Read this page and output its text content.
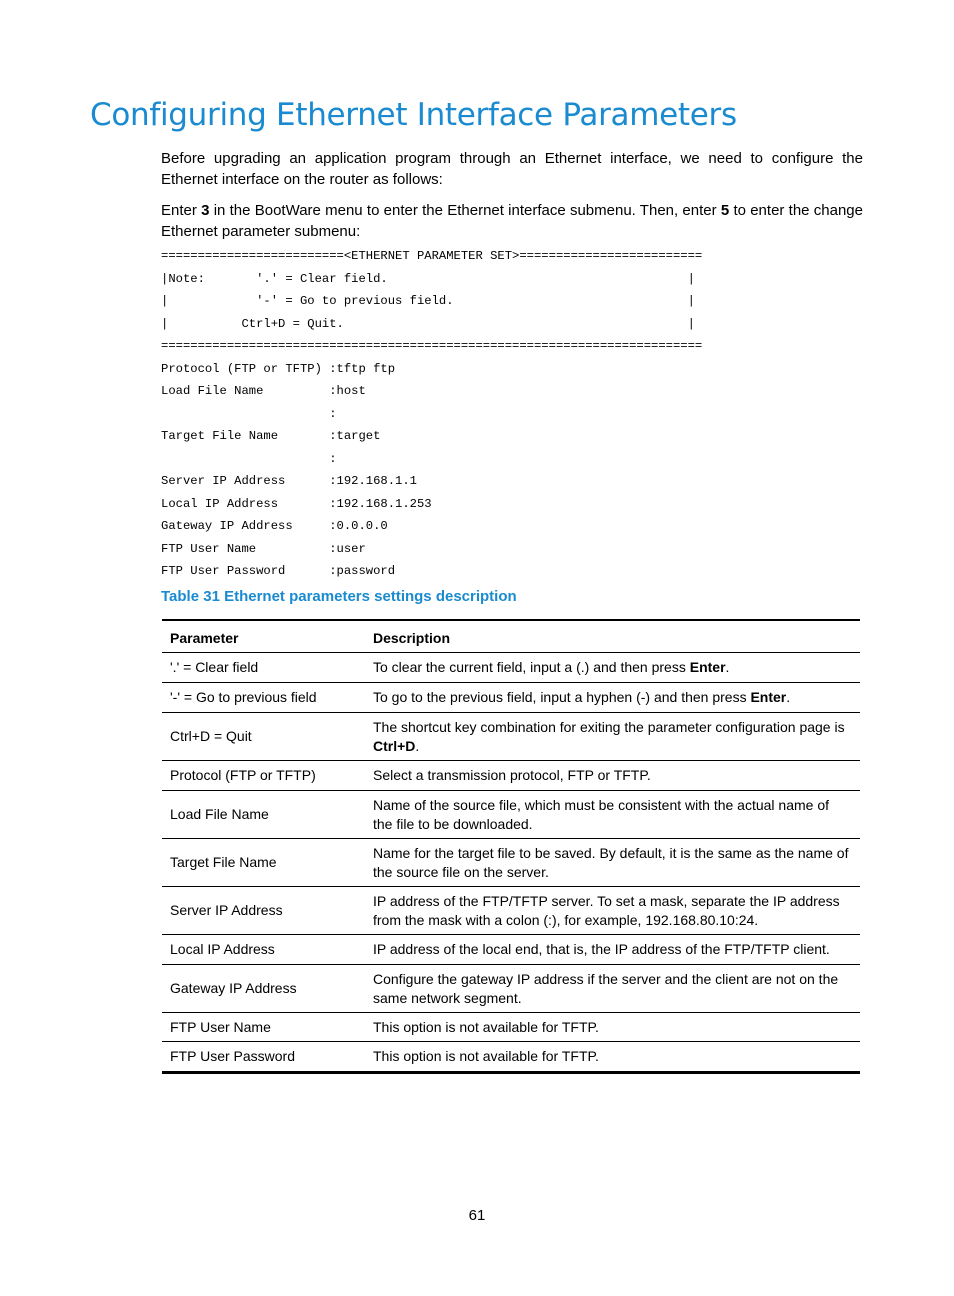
Configuring Ethernet Interface Parameters

Before upgrading an application program through an Ethernet interface, we need to configure the Ethernet interface on the router as follows:

Enter 3 in the BootWare menu to enter the Ethernet interface submenu. Then, enter 5 to enter the change Ethernet parameter submenu:

=========================<ETHERNET PARAMETER SET>=========================
|Note:       '.' = Clear field.                                         |
|            '-' = Go to previous field.                                |
|          Ctrl+D = Quit.                                               |
==========================================================================
Protocol (FTP or TFTP) :tftp ftp
Load File Name         :host
:
Target File Name       :target
:
Server IP Address      :192.168.1.1
Local IP Address       :192.168.1.253
Gateway IP Address     :0.0.0.0
FTP User Name          :user
FTP User Password      :password
Table 31 Ethernet parameters settings description
Parameter	Description
'.' = Clear field	To clear the current field, input a (.) and then press Enter.
'-' = Go to previous field	To go to the previous field, input a hyphen (-) and then press Enter.
Ctrl+D = Quit	The shortcut key combination for exiting the parameter configuration page is Ctrl+D.
Protocol (FTP or TFTP)	Select a transmission protocol, FTP or TFTP.
Load File Name	Name of the source file, which must be consistent with the actual name of the file to be downloaded.
Target File Name	Name for the target file to be saved. By default, it is the same as the name of the source file on the server.
Server IP Address	IP address of the FTP/TFTP server. To set a mask, separate the IP address from the mask with a colon (:), for example, 192.168.80.10:24.
Local IP Address	IP address of the local end, that is, the IP address of the FTP/TFTP client.
Gateway IP Address	Configure the gateway IP address if the server and the client are not on the same network segment.
FTP User Name	This option is not available for TFTP.
FTP User Password	This option is not available for TFTP.
61
